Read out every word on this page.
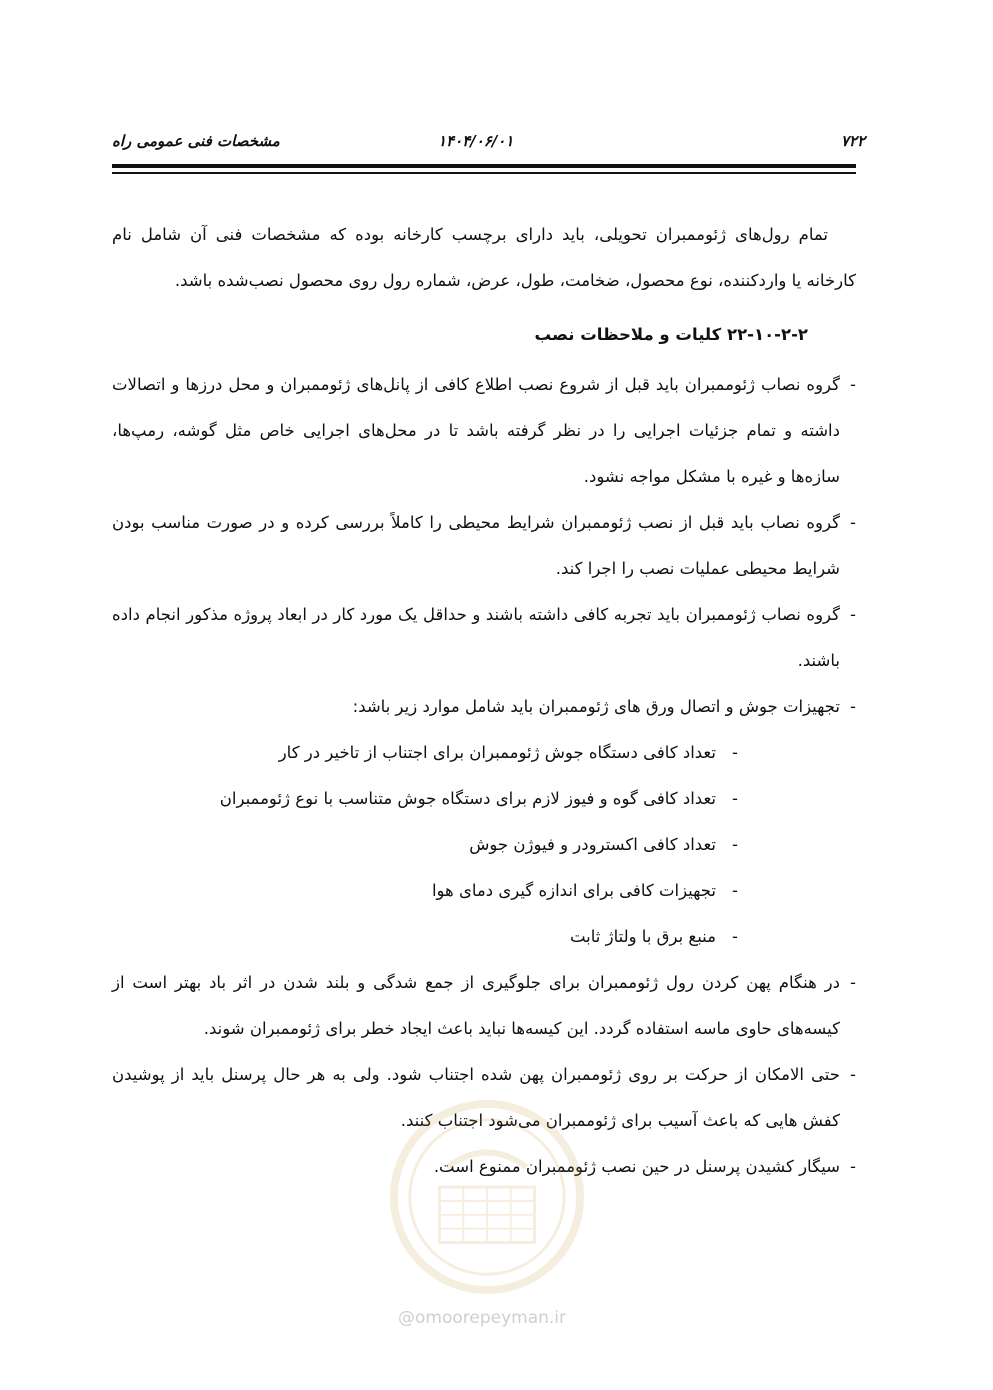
۷۲۲
۱۴۰۴/۰۶/۰۱
مشخصات فنی عمومی راه

تمام رول‌های ژئوممبران تحویلی، باید دارای برچسب کارخانه بوده که مشخصات فنی آن شامل نام کارخانه یا واردکننده، نوع محصول، ضخامت، طول، عرض، شماره رول روی محصول نصب‌شده باشد.

۲۲-۱۰-۲-۲ کلیات و ملاحظات نصب

-
گروه نصاب ژئوممبران باید قبل از شروع نصب اطلاع کافی از پانل‌های ژئوممبران و محل درزها و اتصالات داشته و تمام جزئیات اجرایی را در نظر گرفته باشد تا در محل‌های اجرایی خاص مثل گوشه، رمپ‌ها، سازه‌ها و غیره با مشکل مواجه نشود.

-
گروه نصاب باید قبل از نصب ژئوممبران شرایط محیطی را کاملاً بررسی کرده و در صورت مناسب بودن شرایط محیطی عملیات نصب را اجرا کند.

-
گروه نصاب ژئوممبران باید تجربه کافی داشته باشند و حداقل یک مورد کار در ابعاد پروژه مذکور انجام داده باشند.

-
تجهیزات جوش و اتصال ورق های ژئوممبران باید شامل موارد زیر باشد:

-
تعداد کافی دستگاه جوش ژئوممبران برای اجتناب از تاخیر در کار
-
تعداد کافی گوه و فیوز لازم برای دستگاه جوش متناسب با نوع ژئوممبران
-
تعداد کافی اکسترودر و فیوژن جوش
-
تجهیزات کافی برای اندازه گیری دمای هوا
-
منبع برق با ولتاژ ثابت

-
در هنگام پهن کردن رول ژئوممبران برای جلوگیری از جمع شدگی و بلند شدن در اثر باد بهتر است از کیسه‌های حاوی ماسه استفاده گردد. این کیسه‌ها نباید باعث ایجاد خطر برای ژئوممبران شوند.

-
حتی الامکان از حرکت بر روی ژئوممبران پهن شده اجتناب شود. ولی به هر حال پرسنل باید از پوشیدن کفش هایی که باعث آسیب برای ژئوممبران می‌شود اجتناب کنند.

-
سیگار کشیدن پرسنل در حین نصب ژئوممبران ممنوع است.

@omoorepeyman.ir
